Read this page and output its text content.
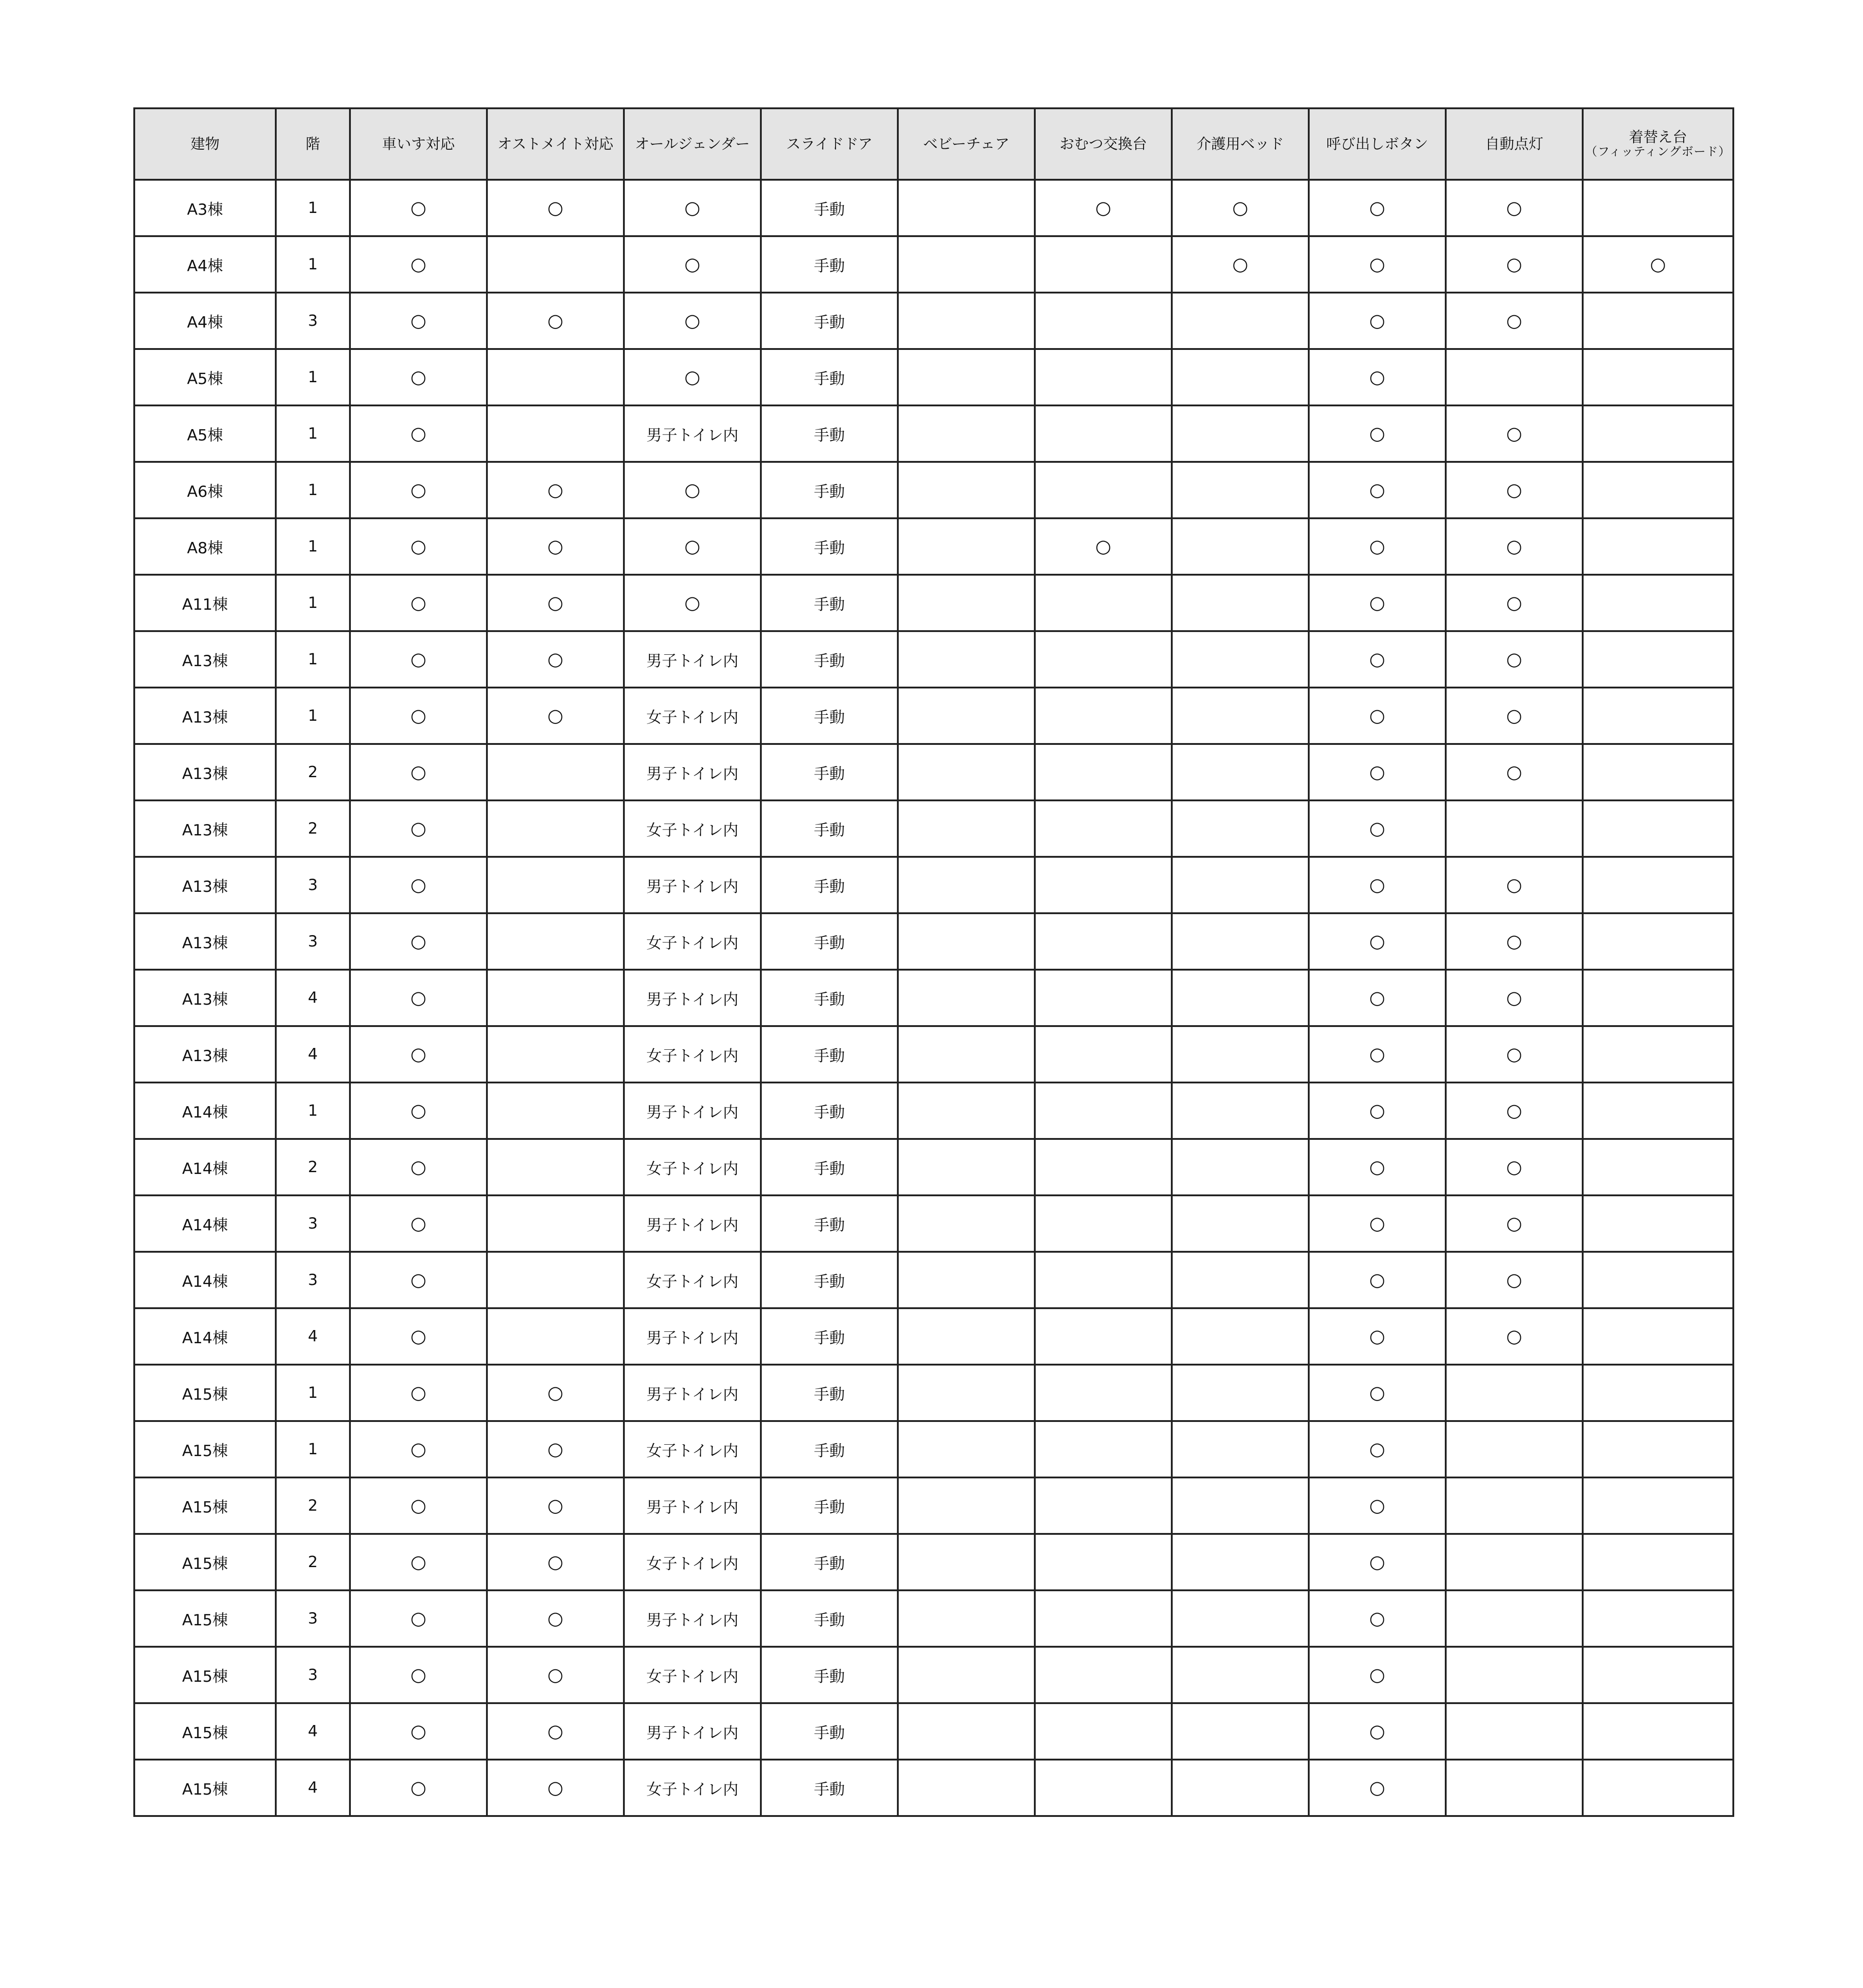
建物	階	車いす対応	オストメイト対応	オールジェンダー	スライドドア	ベビーチェア	おむつ交換台	介護用ベッド	呼び出しボタン	自動点灯	着替え台
（フィッティングボード）

A3棟	1	○	○	○	手動		○	○	○	○	
A4棟	1	○		○	手動			○	○	○	○
A4棟	3	○	○	○	手動				○	○	
A5棟	1	○		○	手動				○		
A5棟	1	○		男子トイレ内	手動				○	○	
A6棟	1	○	○	○	手動				○	○	
A8棟	1	○	○	○	手動		○		○	○	
A11棟	1	○	○	○	手動				○	○	
A13棟	1	○	○	男子トイレ内	手動				○	○	
A13棟	1	○	○	女子トイレ内	手動				○	○	
A13棟	2	○		男子トイレ内	手動				○	○	
A13棟	2	○		女子トイレ内	手動				○		
A13棟	3	○		男子トイレ内	手動				○	○	
A13棟	3	○		女子トイレ内	手動				○	○	
A13棟	4	○		男子トイレ内	手動				○	○	
A13棟	4	○		女子トイレ内	手動				○	○	
A14棟	1	○		男子トイレ内	手動				○	○	
A14棟	2	○		女子トイレ内	手動				○	○	
A14棟	3	○		男子トイレ内	手動				○	○	
A14棟	3	○		女子トイレ内	手動				○	○	
A14棟	4	○		男子トイレ内	手動				○	○	
A15棟	1	○	○	男子トイレ内	手動				○		
A15棟	1	○	○	女子トイレ内	手動				○		
A15棟	2	○	○	男子トイレ内	手動				○		
A15棟	2	○	○	女子トイレ内	手動				○		
A15棟	3	○	○	男子トイレ内	手動				○		
A15棟	3	○	○	女子トイレ内	手動				○		
A15棟	4	○	○	男子トイレ内	手動				○		
A15棟	4	○	○	女子トイレ内	手動				○		
